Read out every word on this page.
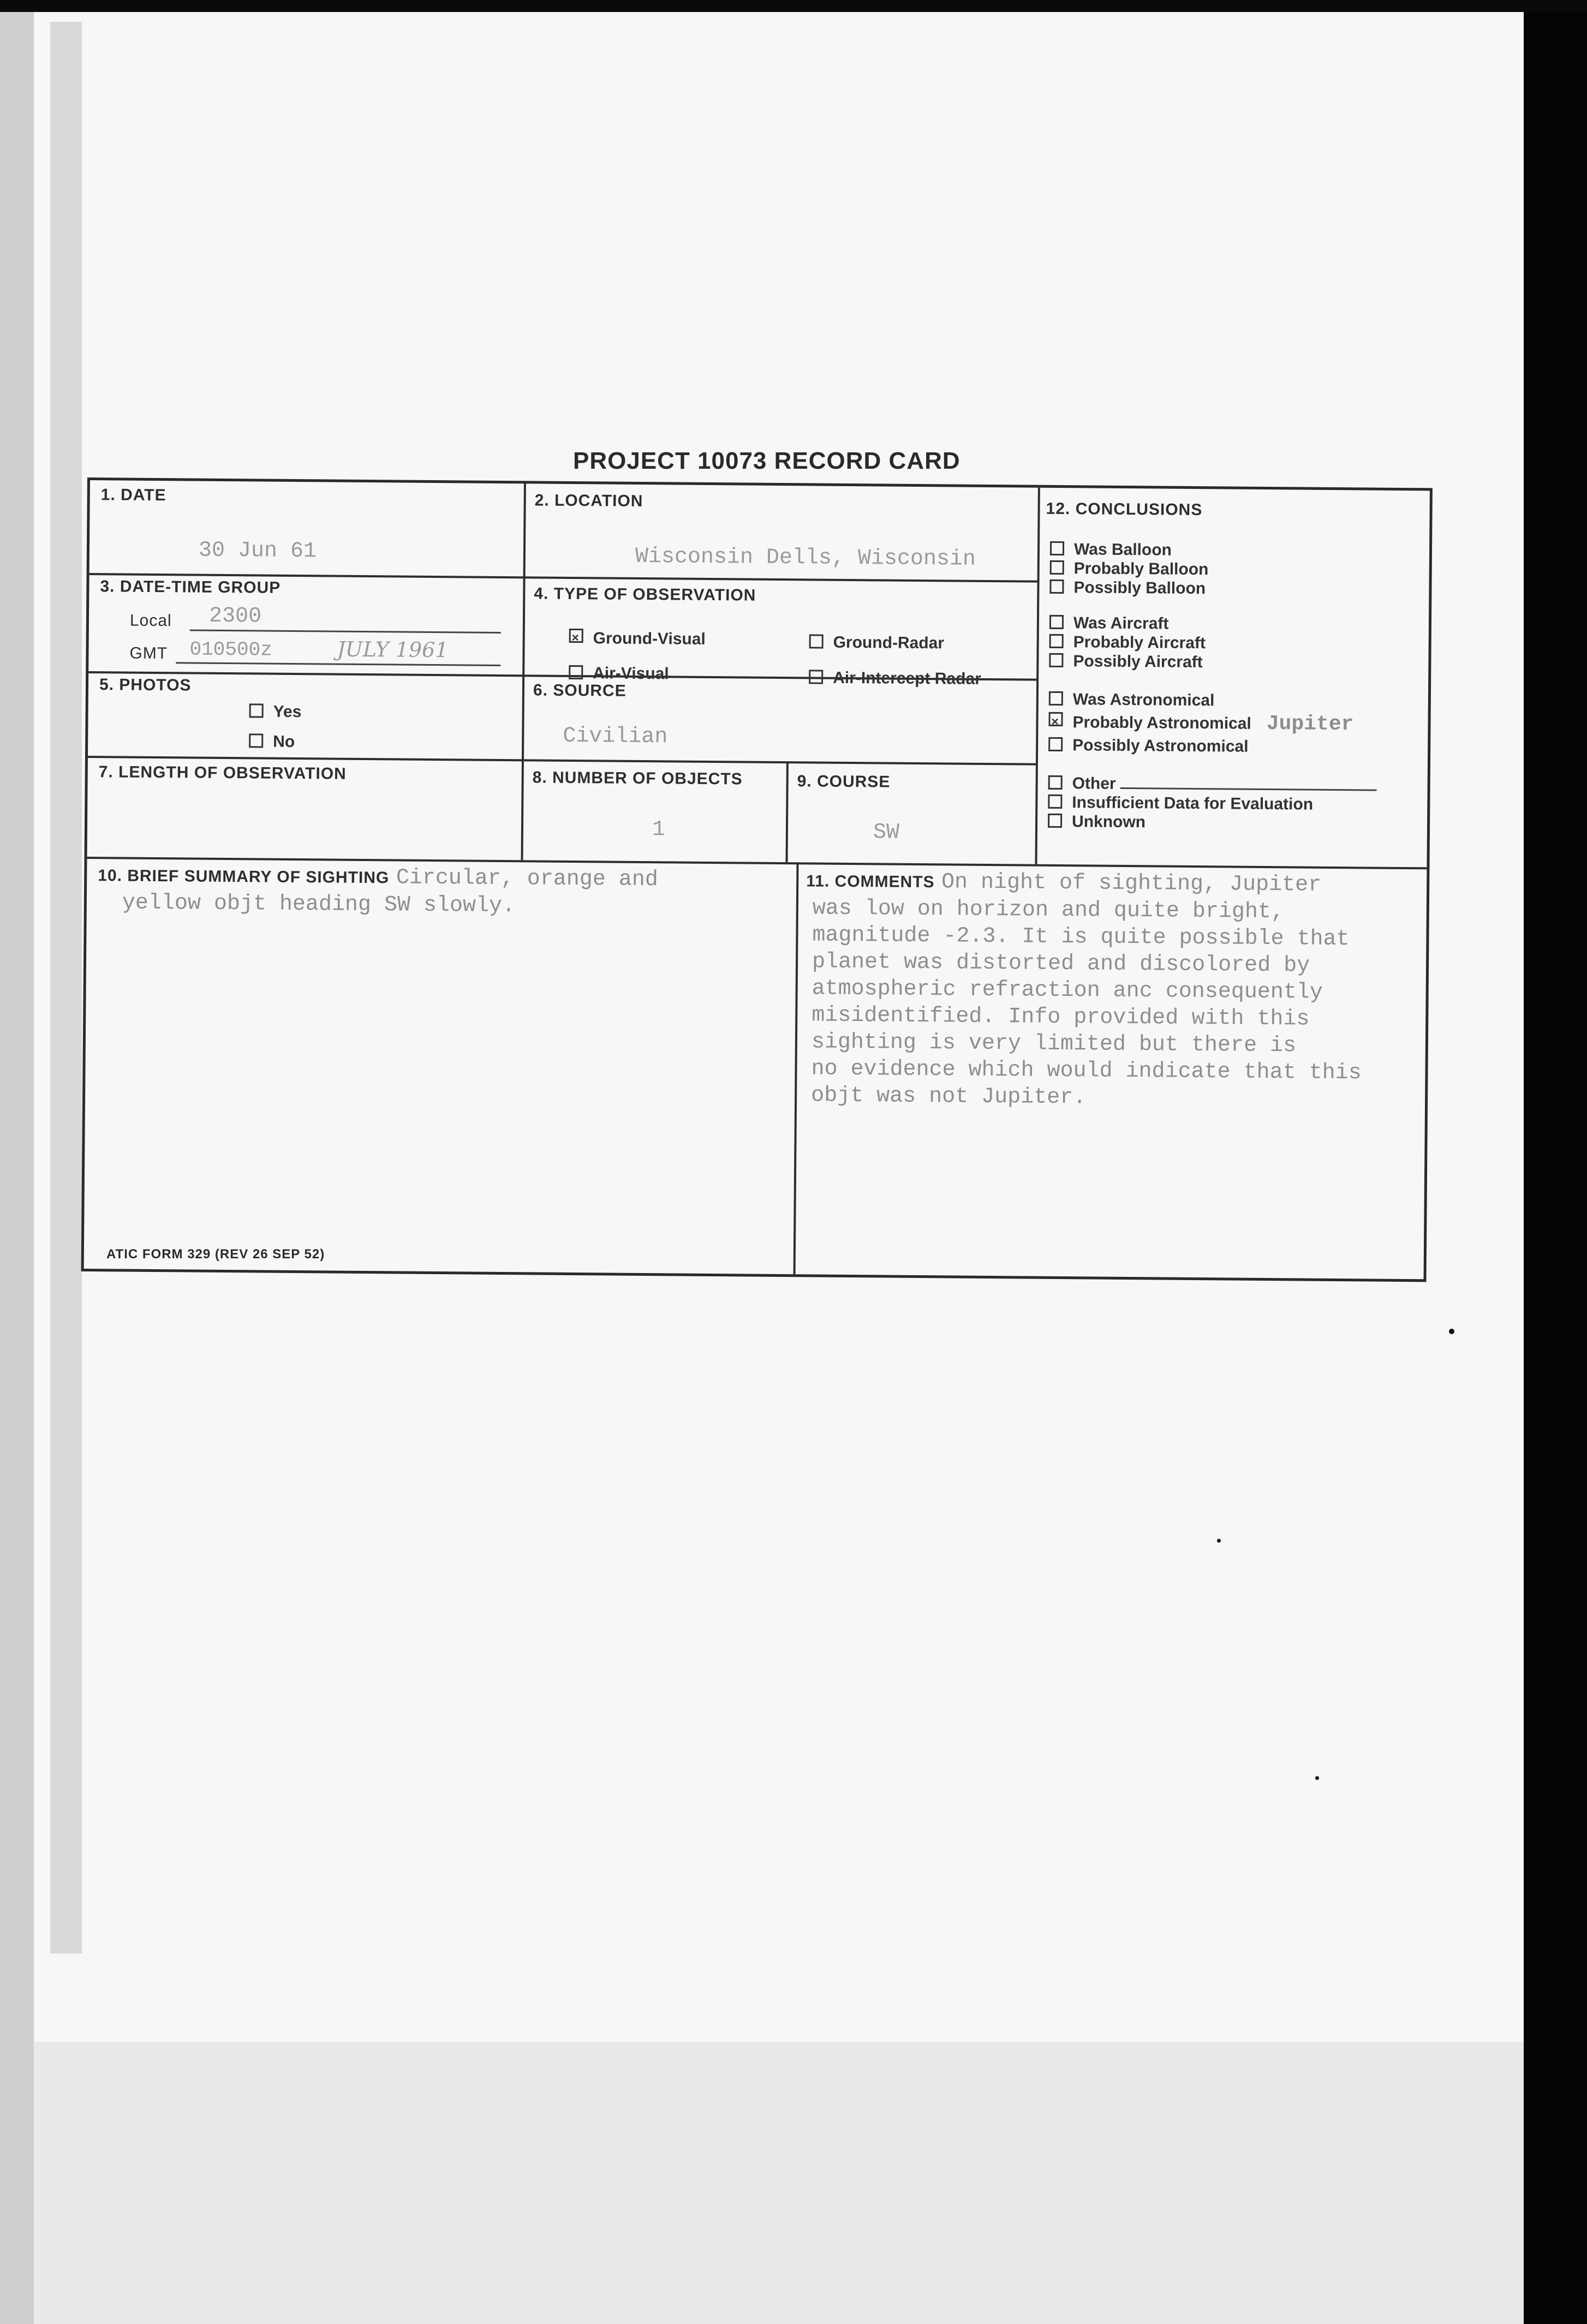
PROJECT 10073 RECORD CARD
1. DATE
30 Jun 61
2. LOCATION
Wisconsin Dells, Wisconsin
3. DATE-TIME GROUP
Local 2300
GMT 010500z	JULY 1961
4. TYPE OF OBSERVATION
✕Ground-Visual	Ground-Radar
Air-Visual	Air-Intercept Radar
5. PHOTOS
Yes
No
6. SOURCE
Civilian
7. LENGTH OF OBSERVATION	8. NUMBER OF OBJECTS
1
9. COURSE
SW
12. CONCLUSIONS
Was Balloon
Probably Balloon
Possibly Balloon
Was Aircraft
Probably Aircraft
Possibly Aircraft
Was Astronomical
✕Probably Astronomical Jupiter
Possibly Astronomical
Other
Insufficient Data for Evaluation
Unknown
10. BRIEF SUMMARY OF SIGHTING Circular, orange and
yellow objt heading SW slowly.
11. COMMENTS On night of sighting, Jupiter
was low on horizon and quite bright,
magnitude -2.3. It is quite possible that
planet was distorted and discolored by
atmospheric refraction anc consequently
misidentified. Info provided with this
sighting is very limited but there is
no evidence which would indicate that this
objt was not Jupiter.
ATIC FORM 329 (REV 26 SEP 52)
